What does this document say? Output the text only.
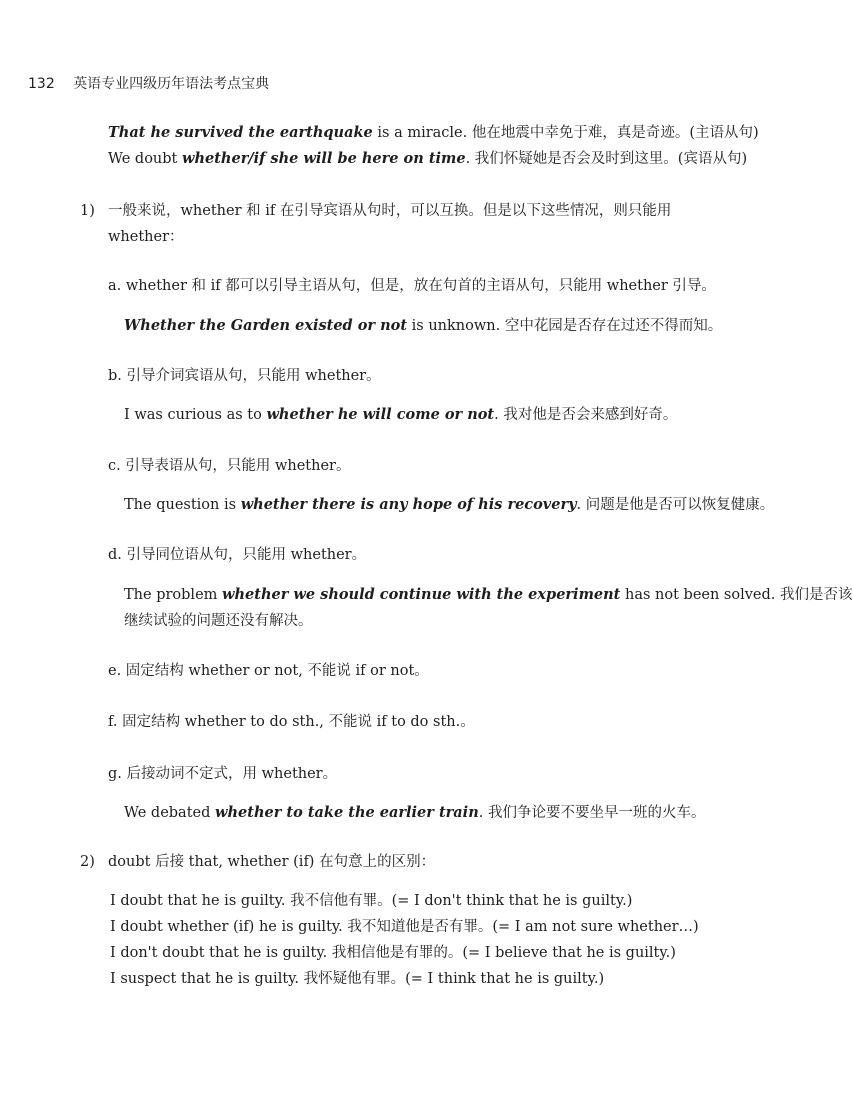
132 英语专业四级历年语法考点宝典
That he survived the earthquake is a miracle. 他在地震中幸免于难，真是奇迹。(主语从句)
We doubt whether/if she will be here on time. 我们怀疑她是否会及时到这里。(宾语从句)
1) 一般来说，whether 和 if 在引导宾语从句时，可以互换。但是以下这些情况，则只能用
whether：
a. whether 和 if 都可以引导主语从句，但是，放在句首的主语从句，只能用 whether 引导。
Whether the Garden existed or not is unknown. 空中花园是否存在过还不得而知。
b. 引导介词宾语从句，只能用 whether。
I was curious as to whether he will come or not. 我对他是否会来感到好奇。
c. 引导表语从句，只能用 whether。
The question is whether there is any hope of his recovery. 问题是他是否可以恢复健康。
d. 引导同位语从句，只能用 whether。
The problem whether we should continue with the experiment has not been solved. 我们是否该
继续试验的问题还没有解决。
e. 固定结构 whether or not, 不能说 if or not。
f. 固定结构 whether to do sth., 不能说 if to do sth.。
g. 后接动词不定式，用 whether。
We debated whether to take the earlier train. 我们争论要不要坐早一班的火车。
2) doubt 后接 that, whether (if) 在句意上的区别：
I doubt that he is guilty. 我不信他有罪。(= I don't think that he is guilty.)
I doubt whether (if) he is guilty. 我不知道他是否有罪。(= I am not sure whether…)
I don't doubt that he is guilty. 我相信他是有罪的。(= I believe that he is guilty.)
I suspect that he is guilty. 我怀疑他有罪。(= I think that he is guilty.)
